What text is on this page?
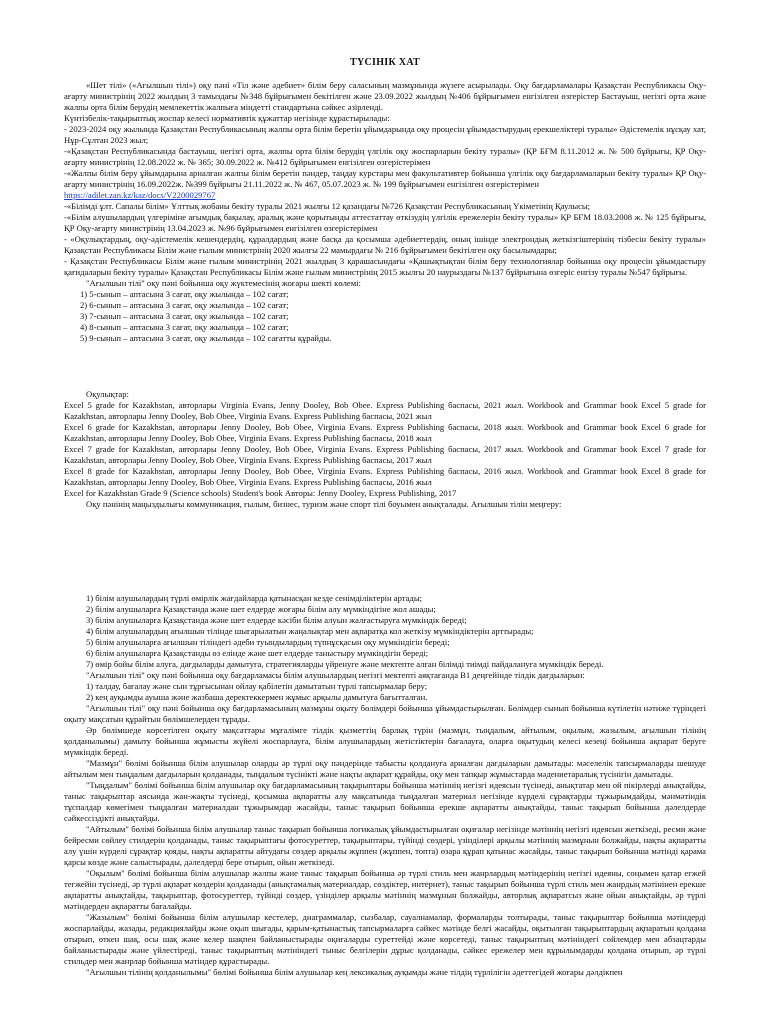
ТҮСІНІК ХАТ

«Шет тілі» («Ағылшын тілі») оқу пәні «Тіл және әдебиет» білім беру саласының мазмұнында жүзеге асырылады. Оқу бағдарламалары Қазақстан Республикасы Оқу-ағарту министрінің 2022 жылдың 3 тамыздағы №348 бұйрығымен бекітілген және 23.09.2022 жылдың №406 бұйрығымен енгізілген өзгерістер Бастауыш, негізгі орта және жалпы орта білім берудің мемлекеттік жалпыға міндетті стандартына сәйкес әзірленді.

Күнтізбелік-тақырыптық жоспар келесі нормативтік құжаттар негізінде құрастырылады:

- 2023-2024 оқу жылында Қазақстан Республикасының жалпы орта білім беретін ұйымдарында оқу процесін ұйымдастырудың ерекшеліктері туралы» Әдістемелік нұсқау хат, Нұр-Сұлтан 2023 жыл;

-«Қазақстан Республикасында бастауыш, негізгі орта, жалпы орта білім берудің үлгілік оқу жоспарларын бекіту туралы» (ҚР БҒМ 8.11.2012 ж. № 500 бұйрығы, ҚР Оқу-ағарту министрінің 12.08.2022 ж. № 365; 30.09.2022 ж. №412 бұйрығымен енгізілген өзгерістерімен

-«Жалпы білім беру ұйымдарына арналған жалпы білім беретін пәндер, таңдау курстары мен факультативтер бойынша үлгілік оқу бағдарламаларын бекіту туралы» ҚР Оқу-ағарту министрінің 16.09.2022ж. №399 бұйрығы 21.11.2022 ж. № 467, 05.07.2023 ж. № 199 бұйрығымен енгізілген өзгерістерімен

https://adilet.zan.kz/kaz/docs/V2200029767

-«Білімді ұлт. Сапалы білім» Ұлттық жобаны бекіту туралы 2021 жылғы 12 қазандағы №726 Қазақстан Республикасының Үкіметінің Қаулысы;

-«Білім алушылардың үлгеріміне ағымдық бақылау, аралық және қорытынды аттестаттау өткізудің үлгілік ережелерін бекіту туралы» ҚР БҒМ 18.03.2008 ж. № 125 бұйрығы, ҚР Оқу-ағарту министрінің 13.04.2023 ж. №96 бұйрығымен енгізілген өзгерістерімен

- «Оқулықтардың, оқу-әдістемелік кешендердің, құралдардың және басқа да қосымша әдебиеттердің, оның ішінде электрондық жеткізгіштерінің тізбесін бекіту туралы» Қазақстан Республикасы Білім және ғылым министрінің 2020 жылғы 22 мамырдағы № 216 бұйрығымен бекітілген оқу басылымдары;

- Қазақстан Республикасы Білім және ғылым министрінің 2021 жылдың 3 қарашасындағы «Қашықтықтан білім беру технологиялар бойынша оқу процесін ұйымдастыру қағидаларын бекіту туралы» Қазақстан Республикасы Білім және ғылым министрінің 2015 жылғы 20 наурыздағы №137 бұйрығына өзгеріс енгізу туралы №547 бұйрығы.

"Ағылшын тілі" оқу пәні бойынша оқу жүктемесінің жоғары шекті көлемі:

1) 5-сынып – аптасына 3 сағат, оқу жылында – 102 сағат;

2) 6-сынып – аптасына 3 сағат, оқу жылында – 102 сағат;

3) 7-сынып – аптасына 3 сағат, оқу жылында – 102 сағат;

4) 8-сынып – аптасына 3 сағат, оқу жылында – 102 сағат;

5) 9-сынып – аптасына 3 сағат, оқу жылында – 102 сағатты құрайды.

Оқулықтар:

Excel 5 grade for Kazakhstan, авторлары Virginia Evans, Jenny Dooley, Bob Obee. Express Publishing баспасы, 2021 жыл. Workbook and Grammar book Excel 5 grade for Kazakhstan, авторлары Jenny Dooley, Bob Obee, Virginia Evans. Express Publishing баспасы, 2021 жыл

Excel 6 grade for Kazakhstan, авторлары Jenny Dooley, Bob Obee, Virginia Evans. Express Publishing баспасы, 2018 жыл. Workbook and Grammar book Excel 6 grade for Kazakhstan, авторлары Jenny Dooley, Bob Obee, Virginia Evans. Express Publishing баспасы, 2018 жыл

Excel 7 grade for Kazakhstan, авторлары Jenny Dooley, Bob Obee, Virginia Evans. Express Publishing баспасы, 2017 жыл. Workbook and Grammar book Excel 7 grade for Kazakhstan, авторлары Jenny Dooley, Bob Obee, Virginia Evans. Express Publishing баспасы, 2017 жыл

Excel 8 grade for Kazakhstan, авторлары Jenny Dooley, Bob Obee, Virginia Evans. Express Publishing баспасы, 2016 жыл. Workbook and Grammar book Excel 8 grade for Kazakhstan, авторлары Jenny Dooley, Bob Obee, Virginia Evans. Express Publishing баспасы, 2016 жыл

Excel for Kazakhstan Grade 9 (Science schools) Student's book Авторы: Jenny Dooley, Express Publishing, 2017

Оқу пәнінің маңыздылығы коммуникация, ғылым, бизнес, туризм және спорт тілі боуымен анықталады. Ағылшын тілін меңгеру:

1) білім алушылардың түрлі өмірлік жағдайларда қатынасқан кезде сенімділіктерін артады;

2) білім алушыларға Қазақстанда және шет елдерде жоғары білім алу мүмкіндігіне жол ашады;

3) білім алушыларға Қазақстанда және шет елдерде кәсіби білім алуын жалғастыруға мүмкіндік береді;

4) білім алушылардың ағылшын тілінде шығарылатын жаңалықтар мен ақпаратқа кол жеткізу мүмкіндіктерін арттырады;

5) білім алушыларға ағылшын тіліндегі әдеби туындылардың түпнұсқасын оқу мүмкіндігін береді;

6) білім алушыларға Қазақстанды өз елінде және шет елдерде таныстыру мүмкіндігін береді;

7) өмір бойы білім алуға, дағдыларды дамытуға, стратегияларды үйренуге және мектепте алған білімді тиімді пайдалануға мүмкіндік береді.

"Ағылшын тілі" оқу пәні бойынша оқу бағдарламасы білім алушылардың негізгі мектепті аяқтағанда В1 деңгейінде тілдік дағдыларын:

1) талдау, бағалау және сын тұрғысынан ойлау қабілетін дамытатын түрлі тапсырмалар беру;

2) кең ауқымды ауыша және жазбаша деректеккермен жұмыс арқылы дамытуға бағытталған.

"Ағылшын тілі" оқу пәні бойынша оқу бағдарламасының мазмұны оқыту бөлімдері бойынша ұйымдастырылған. Бөлімдер сынып бойынша күтілетін нәтиже түріндегі оқыту мақсатын құрайтын бөлімшелерден тұрады.

Әр бөлімшеде көрсетілген оқыту мақсаттары мұғалімге тілдік қызметтің барлық түрін (мазмұн, тыңдалым, айтылым, оқылым, жазылым, ағылшын тілінің қолданылымы) дамыту бойынша жұмысты жүйелі жоспарлауға, білім алушылардың жетістіктерін бағалауға, оларға оқытудың келесі кезеңі бойынша ақпарат беруге мүмкіндік береді.

"Мазмұн" бөлімі бойынша білім алушылар оларды әр түрлі оқу пәндерінде табысты қолдануға арналған дағдыларын дамытады: мәселелік тапсырмаларды шешуде айтылым мен тыңдалым дағдыларын қолданады, тыңдалым түсінікті және нақты ақпарат құрайды, оқу мен тапқыр жұмыстарда мәдениетаралық түсінігін дамытады.

"Тыңдалым" бөлімі бойынша білім алушылар оқу бағдарламасының тақырыптары бойынша мәтіннің негізгі идеясын түсінеді, анықтатар мен ой пікірлерді анықтайды, таныс тақырыптар аясында жан-жақты түсінеді, қосымша ақпаратты алу мақсатында тыңдалған материал негізінде күрделі сұрақтарды тұжырымдайды, мәнмәтіндік тұспалдар көмегімен тыңдалған материалдан тұжырымдар жасайды, таныс тақырып бойынша ерекше ақпаратты анықтайды, таныс тақырып бойынша дәлелдерде сәйкессіздікті анықтайды.

"Айтылым" бөлімі бойынша білім алушылар таныс тақырып бойынша логикалық ұйымдастырылған оқиғалар негізінде мәтіннің негізгі идеясын жеткізеді, ресми және бейресми сөйлеу стилдерін қолданады, таныс тақырыптағы фотосуреттер, тақырыптары, түйінді сөздері, үзінділері арқылы мәтіннің мазмұнын болжайды, нақты ақпаратты алу үшін күрделі сұрақтар қояды, нақты ақпаратты айтудағы сөздер арқылы жұппен (жұппен, топта) өзара құрап қатынас жасайды, таныс тақырып бойынша мәтінді қарама қарсы көзде және салыстырады, дәлелдерді бере отырып, ойын жеткізеді.

"Оқылым" бөлімі бойынша білім алушылар жалпы және таныс тақырып бойынша әр түрлі стиль мен жанрлардың мәтіндерінің негізгі идеяны, соңымен қатар егжей тегжейін түсінеді, әр түрлі ақпарат көздерін қолданады (анықтамалық материалдар, сөздіктер, интернет), таныс тақырып бойынша түрлі стиль мен жанрдың мәтінінен ерекше ақпаратты анықтайды, тақырыптар, фотосуреттер, түйінді сөздер, үзінділер арқылы мәтіннің мазмұнын болжайды, авторлық ақпаратсыз және ойын анықтайды, әр түрлі мәтіндерден ақпаратты бағалайды.

"Жазылым" бөлімі бойынша білім алушылар кестелер, диаграммалар, сызбалар, сауалнамалар, формаларды толтырады, таныс тақырыптар бойынша мәтіндерді жоспарлайды, жазады, редакциялайды және оқып шығады, қарым-қатынастық тапсырмаларға сәйкес мәтінде белгі жасайды, оқытылған тақырыптардың ақпаратын қолдана отырып, өткен шақ, осы шақ және келер шақпен байланыстырады оқиғаларды суреттейді және көрсетеді, таныс тақырыптың мәтініндегі сөйлемдер мен абзацтарды байланыстырады және үйлестіреді, таныс тақырыптың мәтініндегі тыныс белгілерін дұрыс қолданады, сәйкес ережелер мен құрылымдарды қолдана отырып, әр түрлі стильдер мен жанрлар бойынша мәтіндер құрастырады.

"Ағылшын тілінің қолданылымы" бөлімі бойынша білім алушылар кең лексикалық ауқымды және тілдің түрлілігін әдеттегідей жоғары дәлдікпен
